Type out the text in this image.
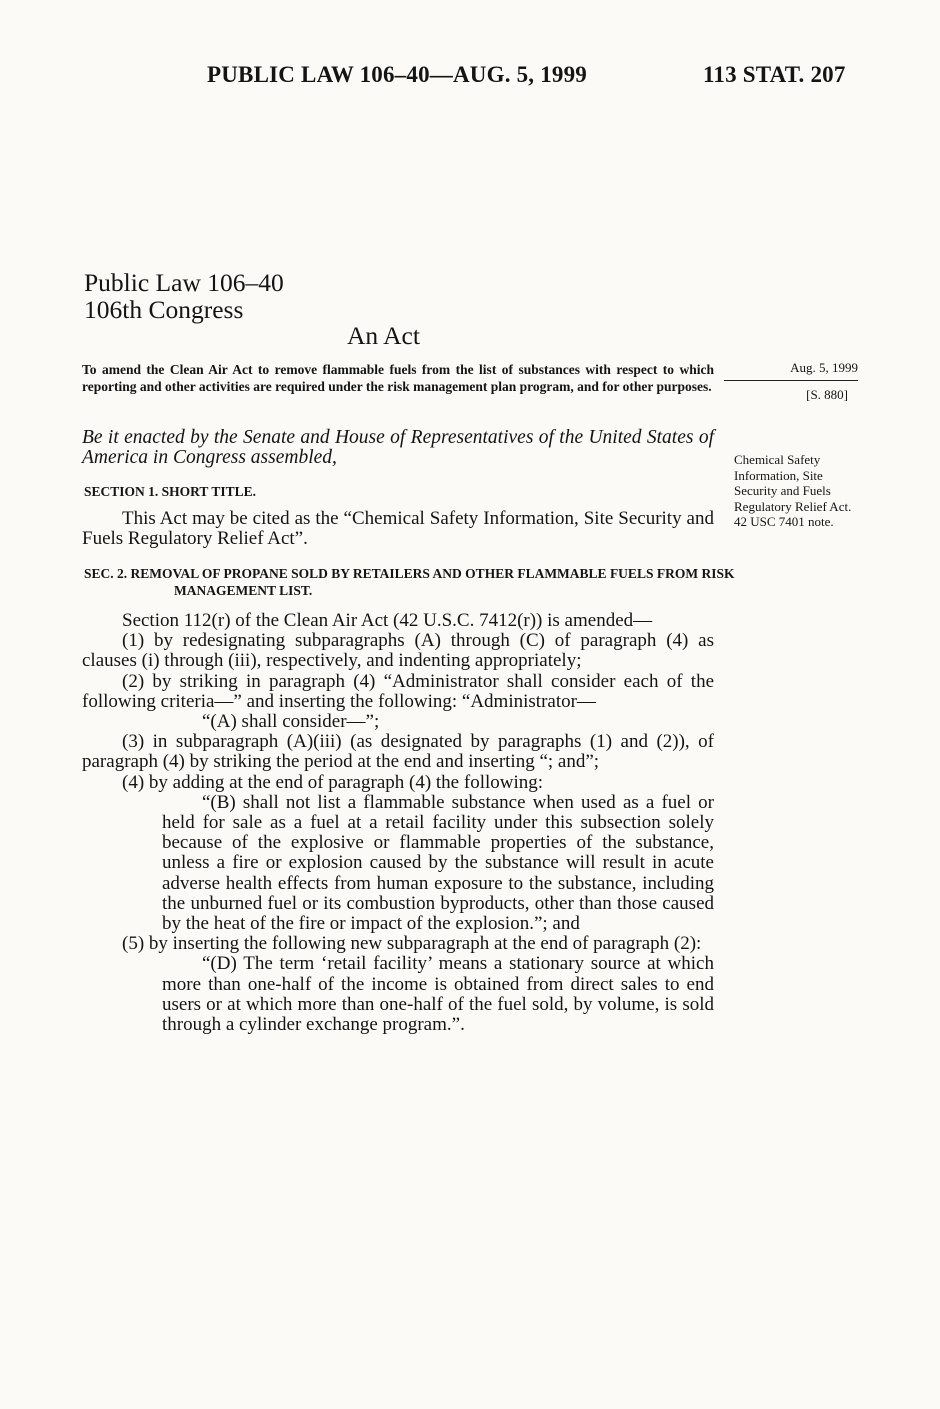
PUBLIC LAW 106–40—AUG. 5, 1999	113 STAT. 207
Public Law 106–40
106th Congress
An Act
To amend the Clean Air Act to remove flammable fuels from the list of substances with respect to which reporting and other activities are required under the risk management plan program, and for other purposes.
Aug. 5, 1999
[S. 880]
Be it enacted by the Senate and House of Representatives of the United States of America in Congress assembled,	Chemical Safety Information, Site Security and Fuels Regulatory Relief Act. 42 USC 7401 note.
SECTION 1. SHORT TITLE.
This Act may be cited as the “Chemical Safety Information, Site Security and Fuels Regulatory Relief Act”.
SEC. 2. REMOVAL OF PROPANE SOLD BY RETAILERS AND OTHER FLAMMABLE FUELS FROM RISK MANAGEMENT LIST.

Section 112(r) of the Clean Air Act (42 U.S.C. 7412(r)) is amended—

(1) by redesignating subparagraphs (A) through (C) of paragraph (4) as clauses (i) through (iii), respectively, and indenting appropriately;

(2) by striking in paragraph (4) “Administrator shall consider each of the following criteria—” and inserting the following: “Administrator—

“(A) shall consider—”;

(3) in subparagraph (A)(iii) (as designated by paragraphs (1) and (2)), of paragraph (4) by striking the period at the end and inserting “; and”;

(4) by adding at the end of paragraph (4) the following:

“(B) shall not list a flammable substance when used as a fuel or held for sale as a fuel at a retail facility under this subsection solely because of the explosive or flammable properties of the substance, unless a fire or explosion caused by the substance will result in acute adverse health effects from human exposure to the substance, including the unburned fuel or its combustion byproducts, other than those caused by the heat of the fire or impact of the explosion.”; and

(5) by inserting the following new subparagraph at the end of paragraph (2):

“(D) The term ‘retail facility’ means a stationary source at which more than one-half of the income is obtained from direct sales to end users or at which more than one-half of the fuel sold, by volume, is sold through a cylinder exchange program.”.
